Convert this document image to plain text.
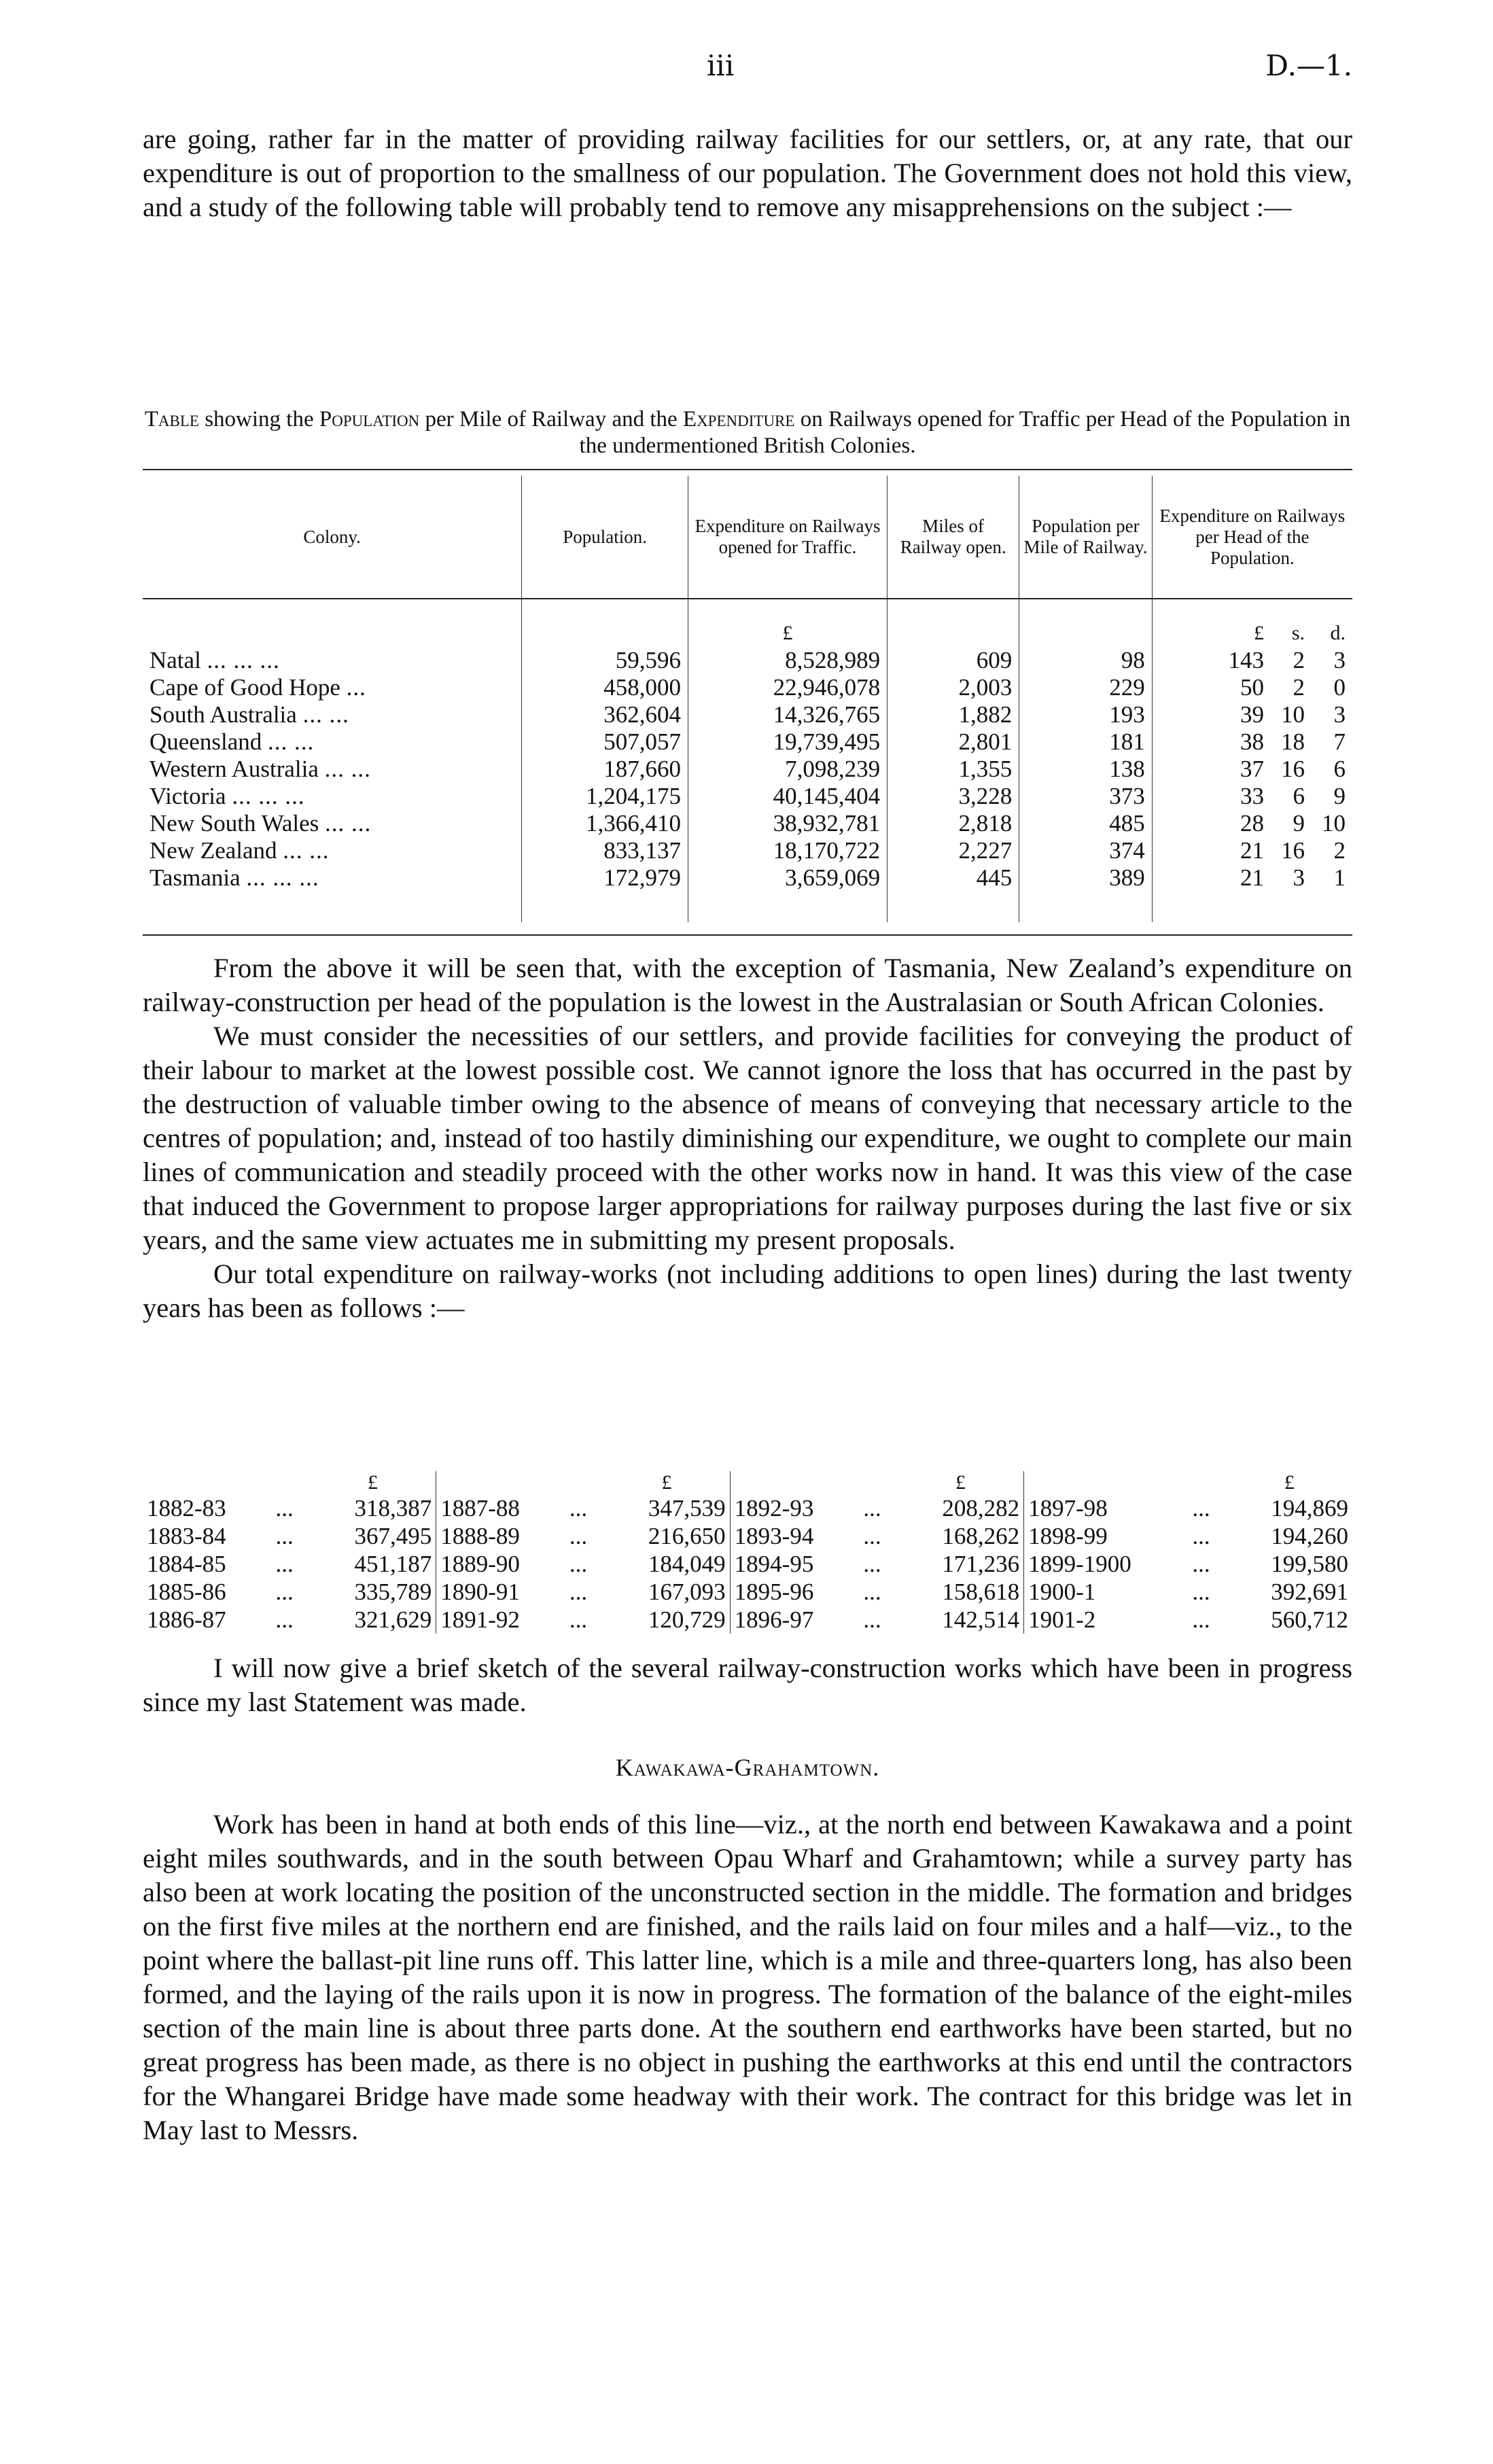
iii	D.—1.

are going, rather far in the matter of providing railway facilities for our settlers, or, at any rate, that our expenditure is out of proportion to the smallness of our population. The Government does not hold this view, and a study of the following table will probably tend to remove any misapprehensions on the subject :—

Table showing the Population per Mile of Railway and the Expenditure on Railways opened for Traffic per Head of the Population in the undermentioned British Colonies.
Colony.	Population.	Expenditure on Railways opened for Traffic.	Miles of Railway open.	Population per Mile of Railway.	Expenditure on Railways per Head of the Population.
		£			£ s. d.
Natal ... ... ...	59,596	8,528,989	609	98	143 2 3
Cape of Good Hope ...	458,000	22,946,078	2,003	229	50 2 0
South Australia ... ...	362,604	14,326,765	1,882	193	39 10 3
Queensland ... ...	507,057	19,739,495	2,801	181	38 18 7
Western Australia ... ...	187,660	7,098,239	1,355	138	37 16 6
Victoria ... ... ...	1,204,175	40,145,404	3,228	373	33 6 9
New South Wales ... ...	1,366,410	38,932,781	2,818	485	28 9 10
New Zealand ... ...	833,137	18,170,722	2,227	374	21 16 2
Tasmania ... ... ...	172,979	3,659,069	445	389	21 3 1

From the above it will be seen that, with the exception of Tasmania, New Zealand’s expenditure on railway-construction per head of the population is the lowest in the Australasian or South African Colonies.

We must consider the necessities of our settlers, and provide facilities for conveying the product of their labour to market at the lowest possible cost. We cannot ignore the loss that has occurred in the past by the destruction of valuable timber owing to the absence of means of conveying that necessary article to the centres of population; and, instead of too hastily diminishing our expenditure, we ought to complete our main lines of communication and steadily proceed with the other works now in hand. It was this view of the case that induced the Government to propose larger appropriations for railway purposes during the last five or six years, and the same view actuates me in submitting my present proposals.

Our total expenditure on railway-works (not including additions to open lines) during the last twenty years has been as follows :—

		£			£			£			£
1882-83	...	318,387	1887-88	...	347,539	1892-93	...	208,282	1897-98	...	194,869
1883-84	...	367,495	1888-89	...	216,650	1893-94	...	168,262	1898-99	...	194,260
1884-85	...	451,187	1889-90	...	184,049	1894-95	...	171,236	1899-1900	...	199,580
1885-86	...	335,789	1890-91	...	167,093	1895-96	...	158,618	1900-1	...	392,691
1886-87	...	321,629	1891-92	...	120,729	1896-97	...	142,514	1901-2	...	560,712

I will now give a brief sketch of the several railway-construction works which have been in progress since my last Statement was made.

Kawakawa-Grahamtown.

Work has been in hand at both ends of this line—viz., at the north end between Kawakawa and a point eight miles southwards, and in the south between Opau Wharf and Grahamtown; while a survey party has also been at work locating the position of the unconstructed section in the middle. The formation and bridges on the first five miles at the northern end are finished, and the rails laid on four miles and a half—viz., to the point where the ballast-pit line runs off. This latter line, which is a mile and three-quarters long, has also been formed, and the laying of the rails upon it is now in progress. The formation of the balance of the eight-miles section of the main line is about three parts done. At the southern end earthworks have been started, but no great progress has been made, as there is no object in pushing the earthworks at this end until the contractors for the Whangarei Bridge have made some headway with their work. The contract for this bridge was let in May last to Messrs.
